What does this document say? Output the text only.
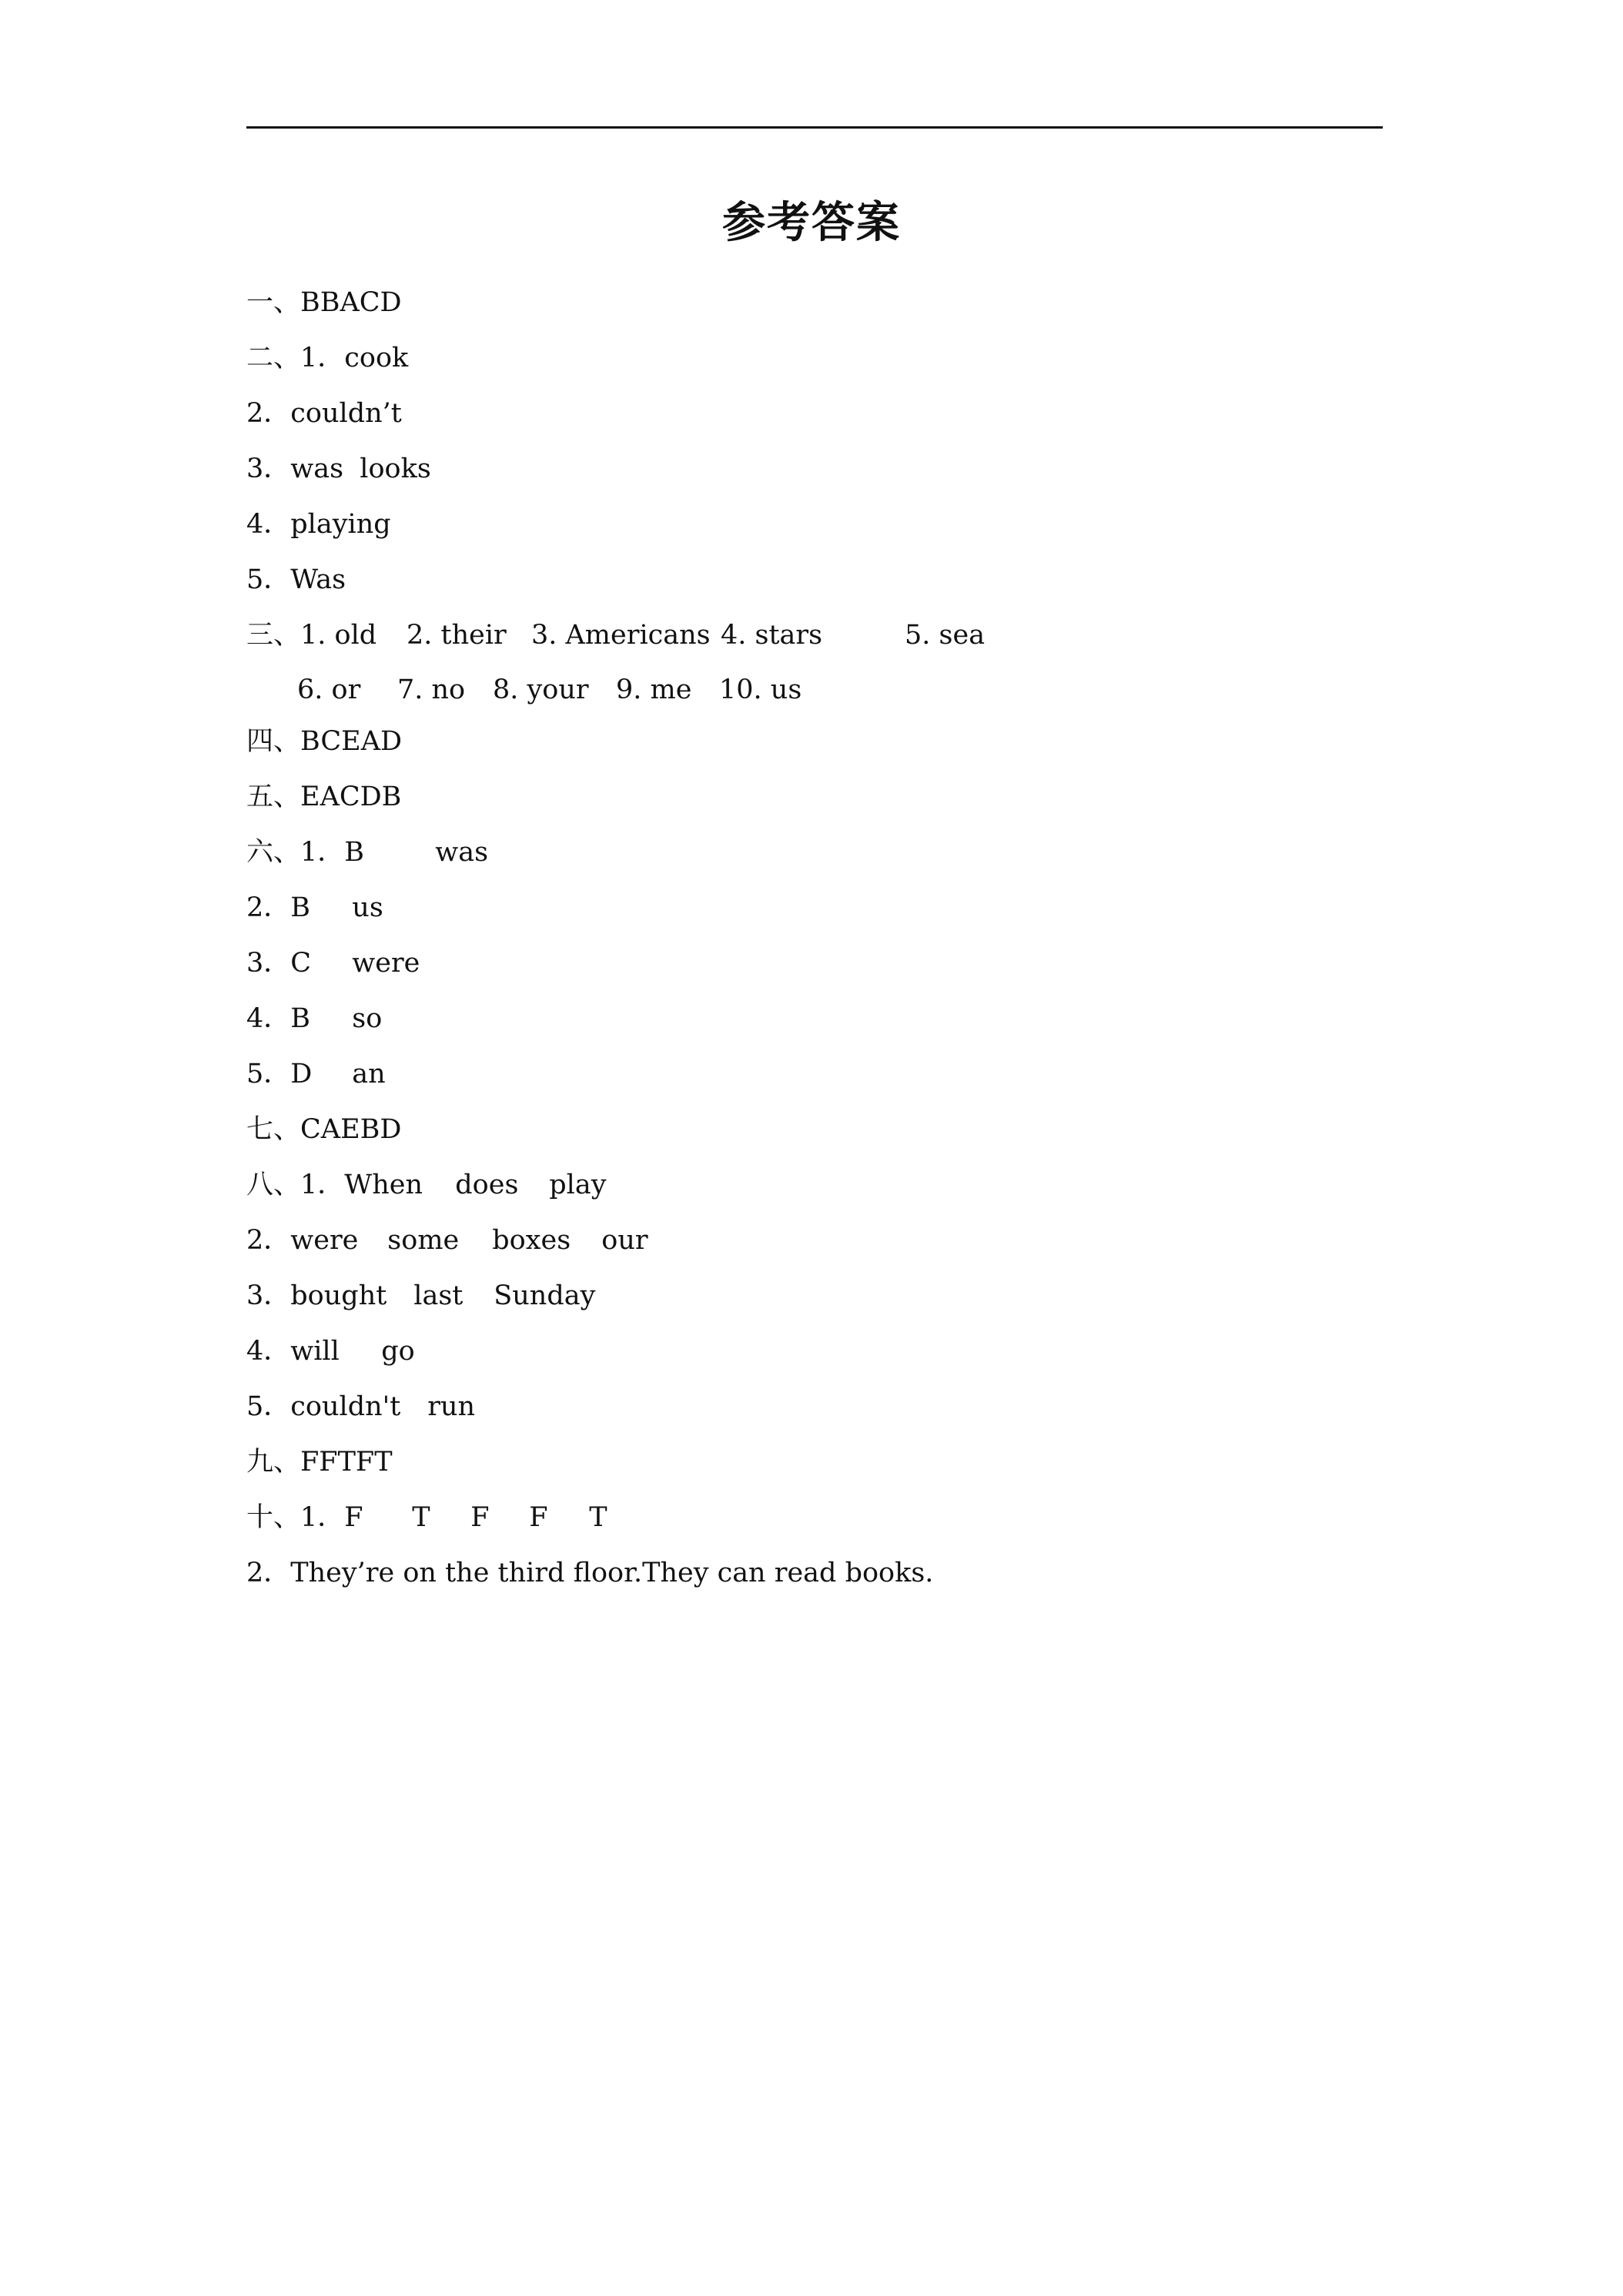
参考答案
一、BBACD
二、1．cook
2．couldn’t
3．was looks
4．playing
5．Was
三、1. old 2. their 3. Americans 4. stars	5. sea
6. or 7. no 8. your 9. me 10. us
四、BCEAD
五、EACDB
六、1．B	was
2．B us
3．C were
4．B so
5．D an
七、CAEBD
八、1．When does play
2．were some boxes our
3．bought last Sunday
4．will go
5．couldn't run
九、FFTFT
十、1．F T F F T
2．They’re on the third floor.They can read books.
